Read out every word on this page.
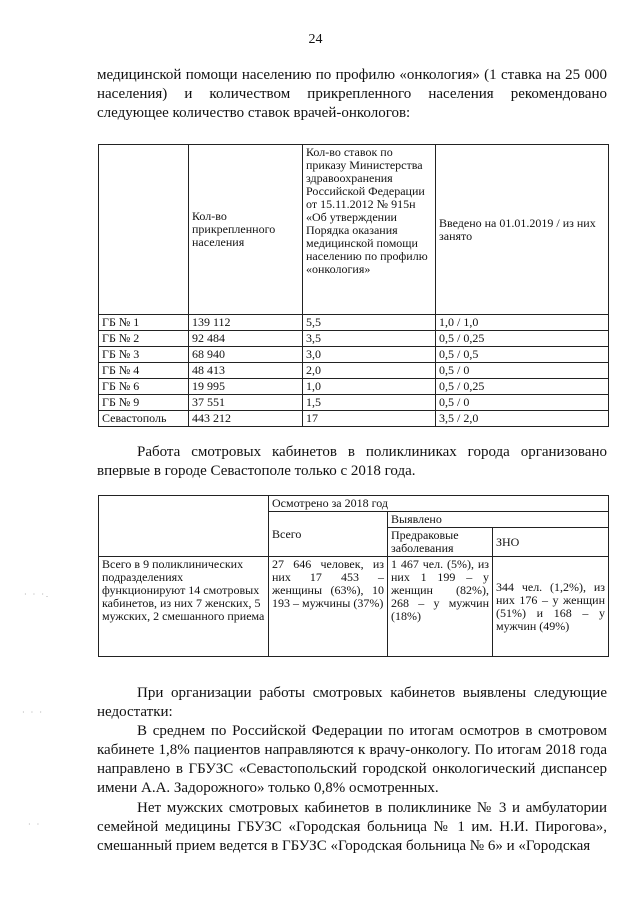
24
медицинской помощи населению по профилю «онкология» (1 ставка на 25 000 населения) и количеством прикрепленного населения рекомендовано следующее количество ставок врачей-онкологов:
	Кол-во прикрепленного населения	Кол-во ставок по приказу Министерства здравоохранения Российской Федерации от 15.11.2012 № 915н «Об утверждении Порядка оказания медицинской помощи населению по профилю «онкология»	Введено на 01.01.2019 / из них занято
ГБ № 1	139 112	5,5	1,0 / 1,0
ГБ № 2	92 484	3,5	0,5 / 0,25
ГБ № 3	68 940	3,0	0,5 / 0,5
ГБ № 4	48 413	2,0	0,5 / 0
ГБ № 6	19 995	1,0	0,5 / 0,25
ГБ № 9	37 551	1,5	0,5 / 0
Севастополь	443 212	17	3,5 / 2,0
Работа смотровых кабинетов в поликлиниках города организовано впервые в городе Севастополе только с 2018 года.
	Осмотрено за 2018 год		
	Всего	Выявлено	
		Предраковые заболевания	ЗНО
Всего в 9 поликлинических подразделениях функционируют 14 смотровых кабинетов, из них 7 женских, 5 мужских, 2 смешанного приема	27 646 человек, из них 17 453 – женщины (63%), 10 193 – мужчины (37%)	1 467 чел. (5%), из них 1 199 – у женщин (82%), 268 – у мужчин (18%)	344 чел. (1,2%), из них 176 – у женщин (51%) и 168 – у мужчин (49%)
При организации работы смотровых кабинетов выявлены следующие недостатки:
В среднем по Российской Федерации по итогам осмотров в смотровом кабинете 1,8% пациентов направляются к врачу-онкологу. По итогам 2018 года направлено в ГБУЗС «Севастопольский городской онкологический диспансер имени А.А. Задорожного» только 0,8% осмотренных.
Нет мужских смотровых кабинетов в поликлинике № 3 и амбулатории семейной медицины ГБУЗС «Городская больница № 1 им. Н.И. Пирогова», смешанный прием ведется в ГБУЗС «Городская больница № 6» и «Городская
· · ·.
· · ·
· ·
